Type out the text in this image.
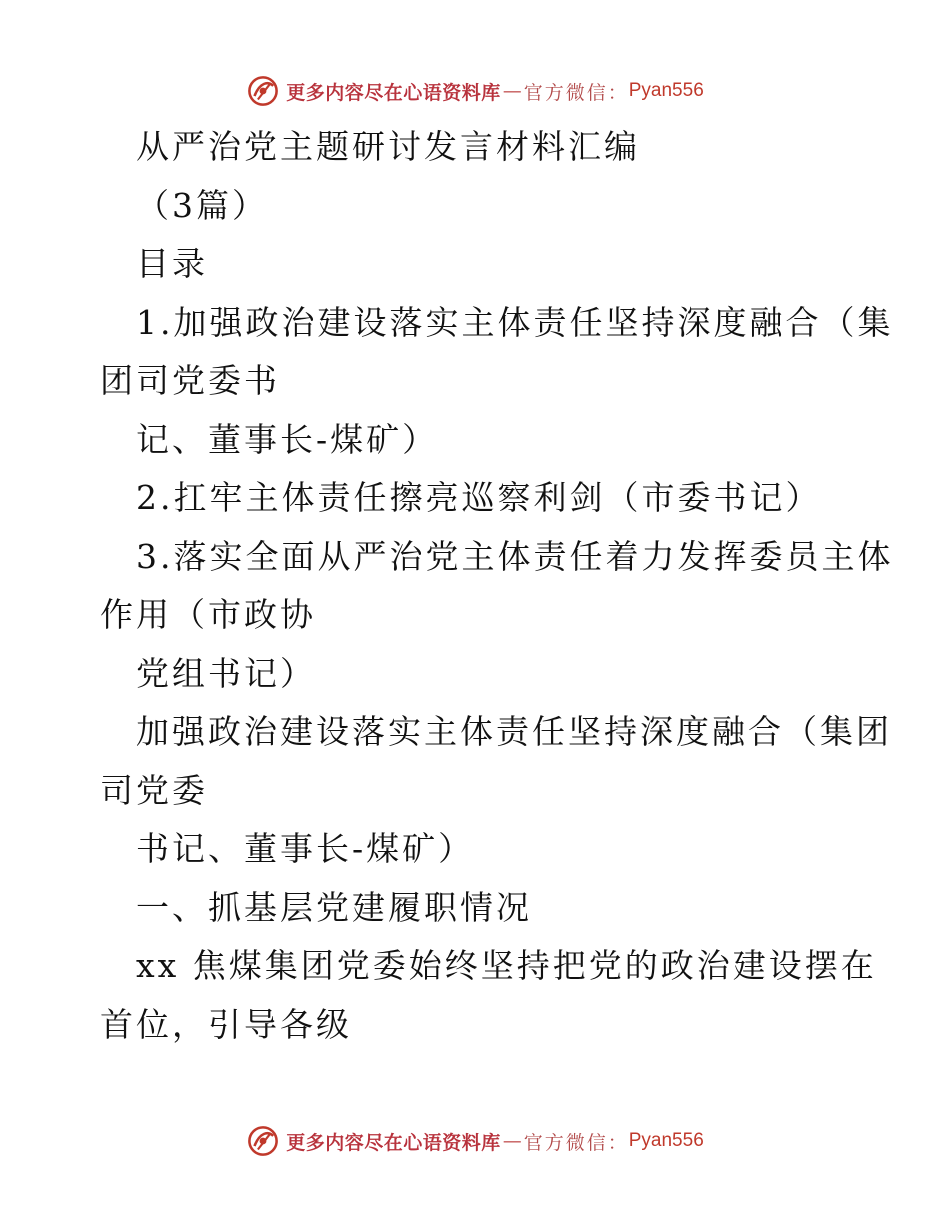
更多内容尽在心语资料库 — 官方微信： Pyan556
从严治党主题研讨发言材料汇编
（3篇）
目录
1.加强政治建设落实主体责任坚持深度融合（集
团司党委书
记、董事长-煤矿）
2.扛牢主体责任擦亮巡察利剑（市委书记）
3.落实全面从严治党主体责任着力发挥委员主体
作用（市政协
党组书记）
加强政治建设落实主体责任坚持深度融合（集团
司党委
书记、董事长-煤矿）
一、抓基层党建履职情况
xx 焦煤集团党委始终坚持把党的政治建设摆在
首位，引导各级
更多内容尽在心语资料库 — 官方微信： Pyan556
